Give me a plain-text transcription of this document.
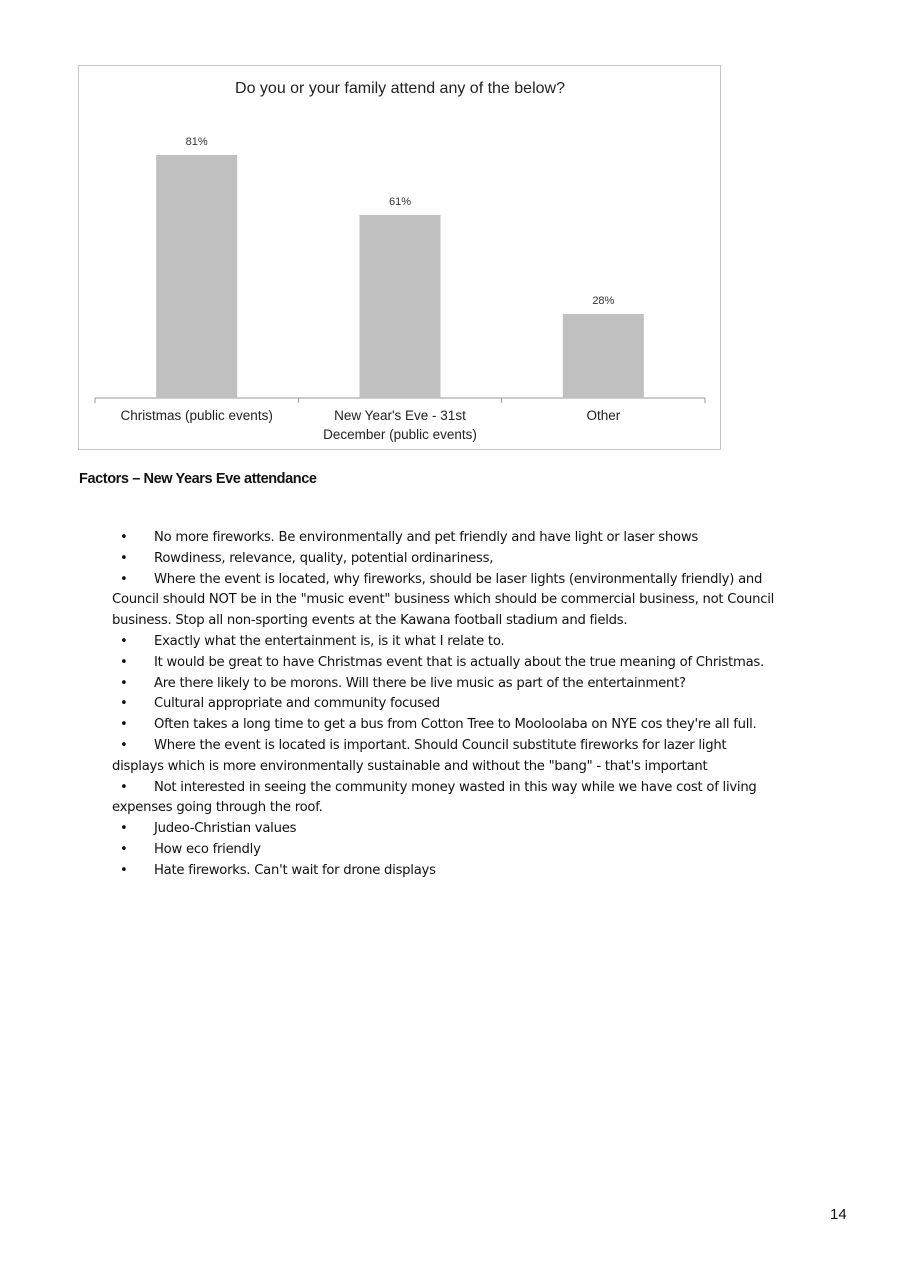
Do you or your family attend any of the below?
81%
Christmas (public events)
61%
New Year's Eve - 31st
December (public events)
28%
Other
Factors – New Years Eve attendance
•No more fireworks. Be environmentally and pet friendly and have light or laser shows
•Rowdiness, relevance, quality, potential ordinariness,
•Where the event is located, why fireworks, should be laser lights (environmentally friendly) and Council should NOT be in the "music event" business which should be commercial business, not Council business. Stop all non-sporting events at the Kawana football stadium and fields.
•Exactly what the entertainment is, is it what I relate to.
•It would be great to have Christmas event that is actually about the true meaning of Christmas.
•Are there likely to be morons. Will there be live music as part of the entertainment?
•Cultural appropriate and community focused
•Often takes a long time to get a bus from Cotton Tree to Mooloolaba on NYE cos they're all full.
•Where the event is located is important. Should Council substitute fireworks for lazer light displays which is more environmentally sustainable and without the "bang" - that's important
•Not interested in seeing the community money wasted in this way while we have cost of living expenses going through the roof.
•Judeo-Christian values
•How eco friendly
•Hate fireworks. Can't wait for drone displays
14
